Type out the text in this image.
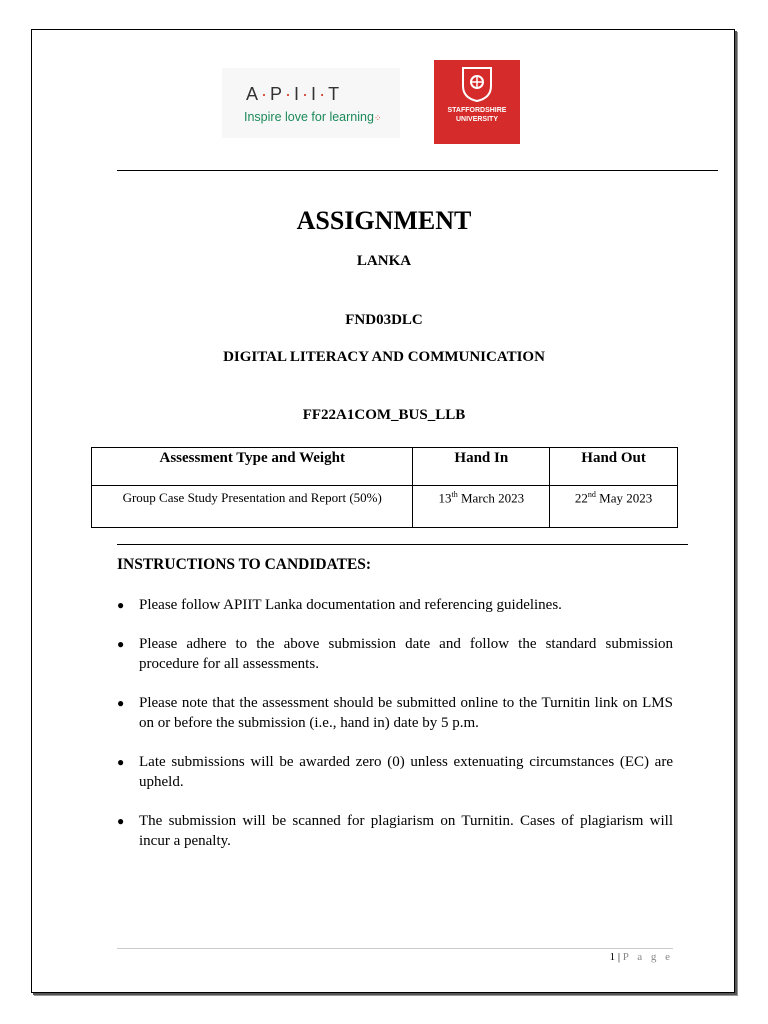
A·P·I·I·T
Inspire love for learning⁘
STAFFORDSHIRE
UNIVERSITY
ASSIGNMENT
LANKA
FND03DLC
DIGITAL LITERACY AND COMMUNICATION
FF22A1COM_BUS_LLB
Assessment Type and Weight	Hand In	Hand Out
Group Case Study Presentation and Report (50%)	13th March 2023	22nd May 2023
INSTRUCTIONS TO CANDIDATES:
● Please follow APIIT Lanka documentation and referencing guidelines.
● Please adhere to the above submission date and follow the standard submission procedure for all assessments.
● Please note that the assessment should be submitted online to the Turnitin link on LMS on or before the submission (i.e., hand in) date by 5 p.m.
● Late submissions will be awarded zero (0) unless extenuating circumstances (EC) are upheld.
● The submission will be scanned for plagiarism on Turnitin. Cases of plagiarism will incur a penalty.
1 | P a g e
